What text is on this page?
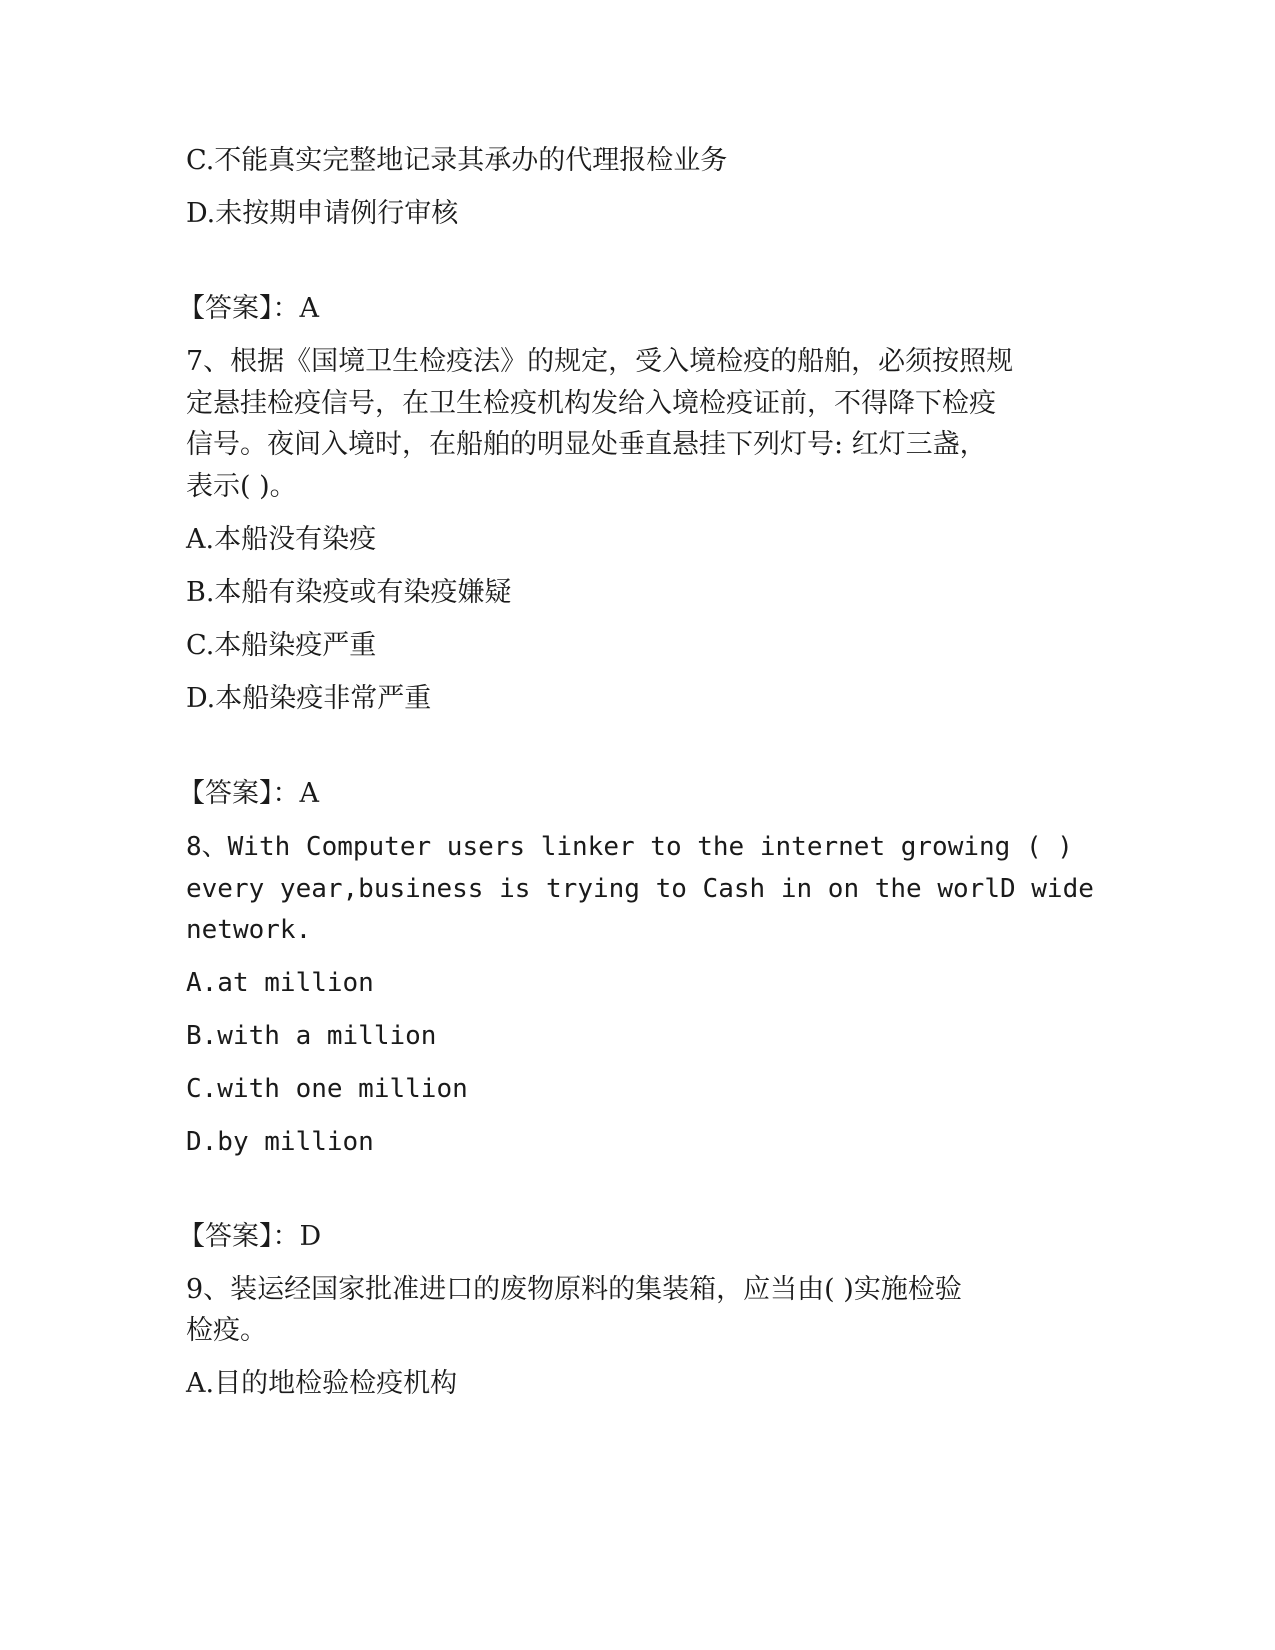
C.不能真实完整地记录其承办的代理报检业务
D.未按期申请例行审核
【答案】：A
7、根据《国境卫生检疫法》的规定，受入境检疫的船舶，必须按照规
定悬挂检疫信号，在卫生检疫机构发给入境检疫证前，不得降下检疫
信号。夜间入境时，在船舶的明显处垂直悬挂下列灯号: 红灯三盏，
表示( )。
A.本船没有染疫
B.本船有染疫或有染疫嫌疑
C.本船染疫严重
D.本船染疫非常严重
【答案】：A
8、With Computer users linker to the internet growing ( )
every year,business is trying to Cash in on the worlD wide
network.
A.at million
B.with a million
C.with one million
D.by million
【答案】：D
9、装运经国家批准进口的废物原料的集装箱，应当由( )实施检验
检疫。
A.目的地检验检疫机构
